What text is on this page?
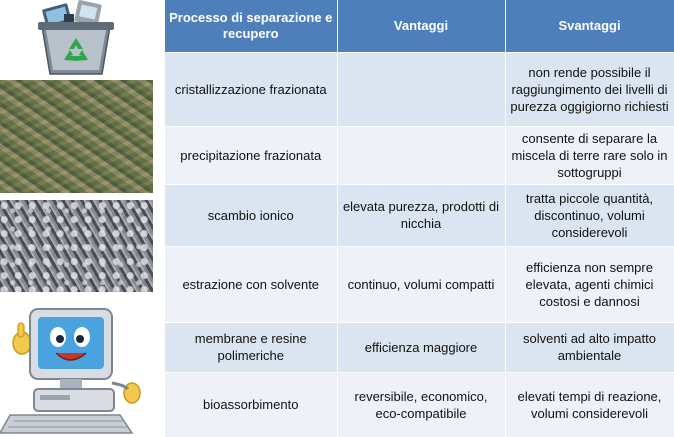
Processo di separazione e recupero	Vantaggi	Svantaggi
cristallizzazione frazionata		non rende possibile il raggiungimento dei livelli di purezza oggigiorno richiesti
precipitazione frazionata		consente di separare la miscela di terre rare solo in sottogruppi
scambio ionico	elevata purezza, prodotti di nicchia	tratta piccole quantità, discontinuo, volumi considerevoli
estrazione con solvente	continuo, volumi compatti	efficienza non sempre elevata, agenti chimici costosi e dannosi
membrane e resine polimeriche	efficienza maggiore	solventi ad alto impatto ambientale
bioassorbimento	reversibile, economico, eco-compatibile	elevati tempi di reazione, volumi considerevoli
